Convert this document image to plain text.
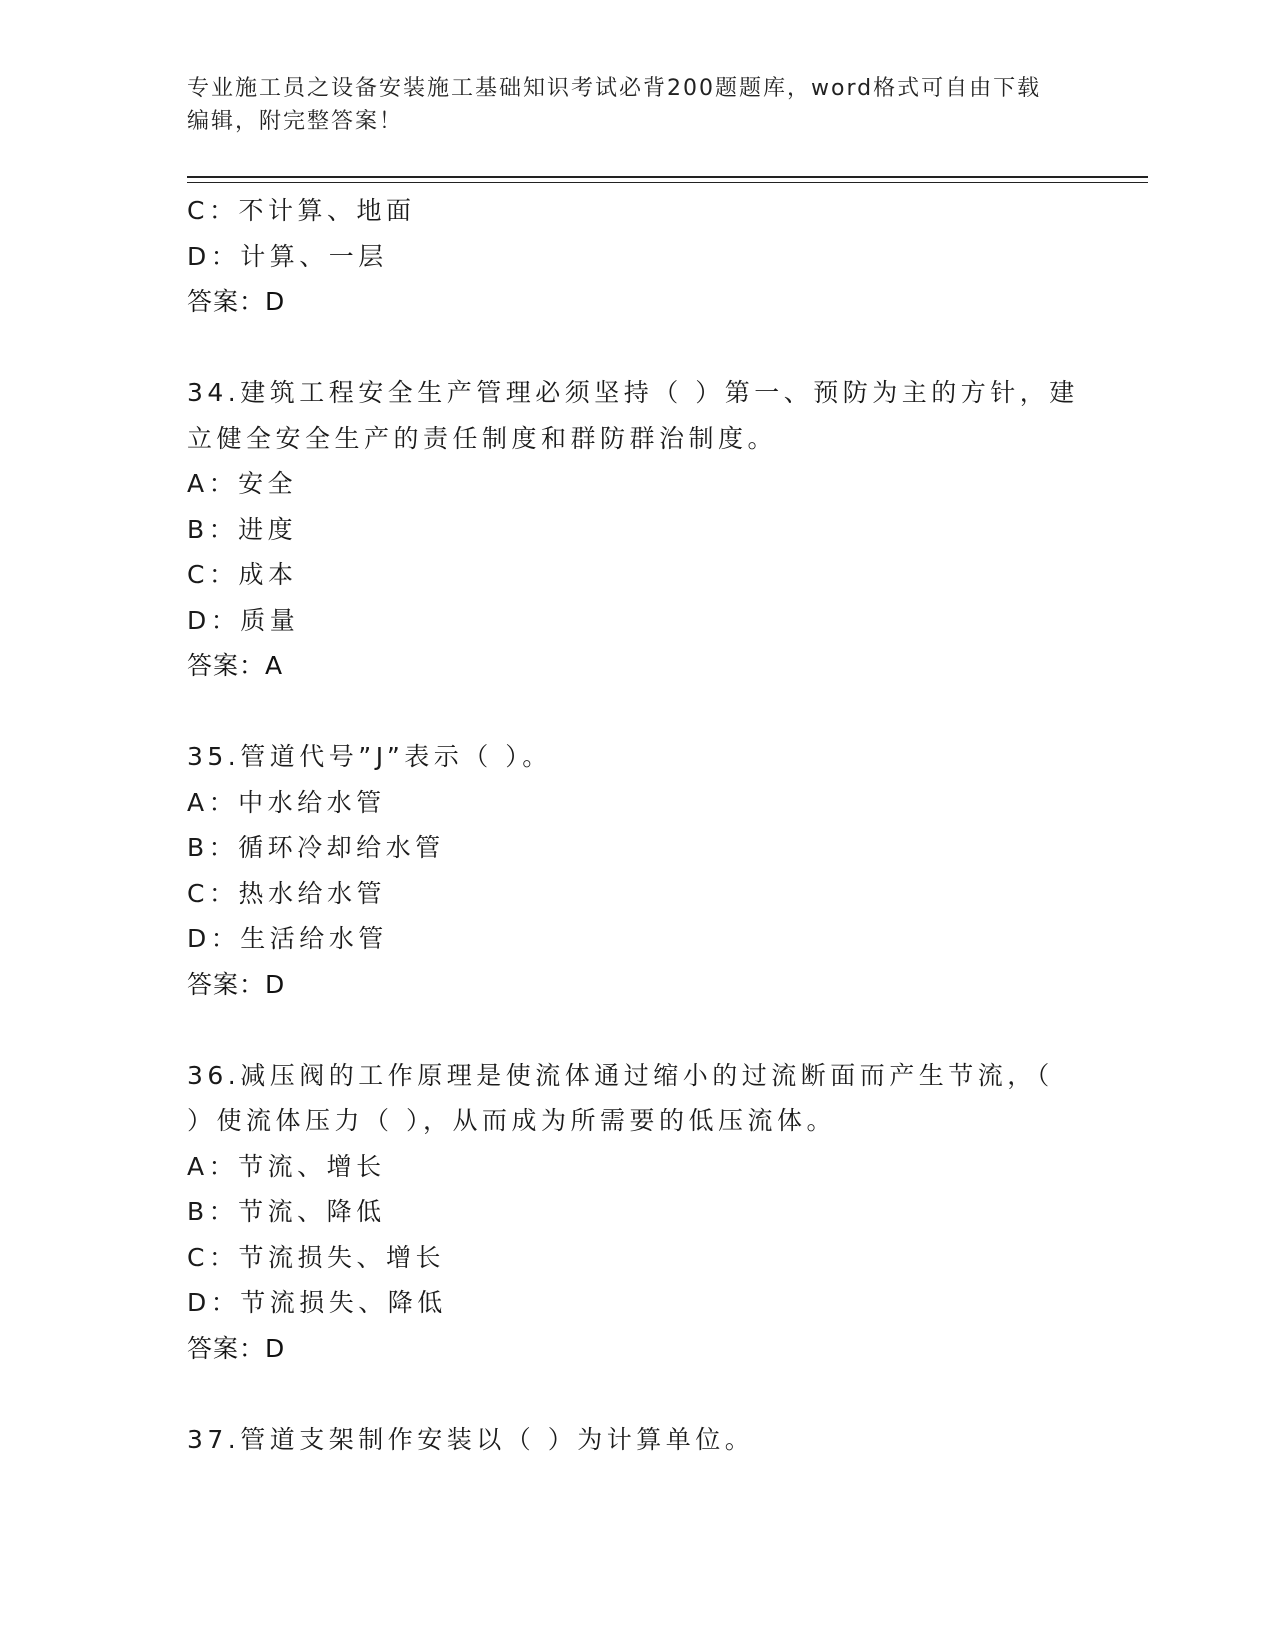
专业施工员之设备安装施工基础知识考试必背200题题库，word格式可自由下载
编辑，附完整答案！
C：不计算、地面
D：计算、一层
答案：D
34.建筑工程安全生产管理必须坚持（ ）第一、预防为主的方针，建
立健全安全生产的责任制度和群防群治制度。
A：安全
B：进度
C：成本
D：质量
答案：A
35.管道代号”J”表示（ ）。
A：中水给水管
B：循环冷却给水管
C：热水给水管
D：生活给水管
答案：D
36.减压阀的工作原理是使流体通过缩小的过流断面而产生节流，（
）使流体压力（ ），从而成为所需要的低压流体。
A：节流、增长
B：节流、降低
C：节流损失、增长
D：节流损失、降低
答案：D
37.管道支架制作安装以（ ）为计算单位。
